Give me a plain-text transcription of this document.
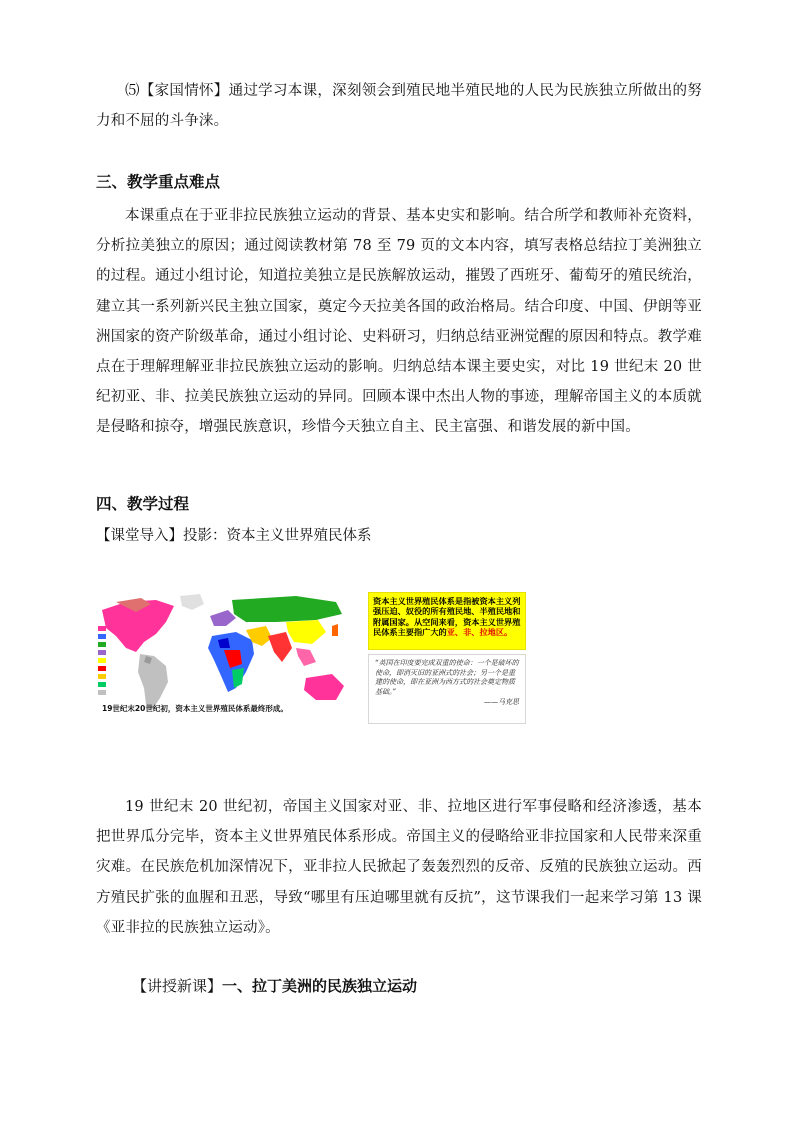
⑸【家国情怀】通过学习本课，深刻领会到殖民地半殖民地的人民为民族独立所做出的努力和不屈的斗争涞。

三、教学重点难点

本课重点在于亚非拉民族独立运动的背景、基本史实和影响。结合所学和教师补充资料，分析拉美独立的原因；通过阅读教材第 78 至 79 页的文本内容，填写表格总结拉丁美洲独立的过程。通过小组讨论，知道拉美独立是民族解放运动，摧毁了西班牙、葡萄牙的殖民统治，建立其一系列新兴民主独立国家，奠定今天拉美各国的政治格局。结合印度、中国、伊朗等亚洲国家的资产阶级革命，通过小组讨论、史料研习，归纳总结亚洲觉醒的原因和特点。教学难点在于理解理解亚非拉民族独立运动的影响。归纳总结本课主要史实，对比 19 世纪末 20 世纪初亚、非、拉美民族独立运动的异同。回顾本课中杰出人物的事迹，理解帝国主义的本质就是侵略和掠夺，增强民族意识，珍惜今天独立自主、民主富强、和谐发展的新中国。

四、教学过程

【课堂导入】投影：资本主义世界殖民体系

19世纪末20世纪初，资本主义世界殖民体系最终形成。
资本主义世界殖民体系是指被资本主义列强压迫、奴役的所有殖民地、半殖民地和附属国家。从空间来看，资本主义世界殖民体系主要指广大的亚、非、拉地区。
“英国在印度要完成双重的使命：一个是破坏的使命，即消灭旧的亚洲式的社会；另一个是重建的使命，即在亚洲为西方式的社会奠定物质基础。”
——马克思

19 世纪末 20 世纪初，帝国主义国家对亚、非、拉地区进行军事侵略和经济渗透，基本把世界瓜分完毕，资本主义世界殖民体系形成。帝国主义的侵略给亚非拉国家和人民带来深重灾难。在民族危机加深情况下，亚非拉人民掀起了轰轰烈烈的反帝、反殖的民族独立运动。西方殖民扩张的血腥和丑恶，导致“哪里有压迫哪里就有反抗”，这节课我们一起来学习第 13 课《亚非拉的民族独立运动》。

【讲授新课】一、拉丁美洲的民族独立运动
